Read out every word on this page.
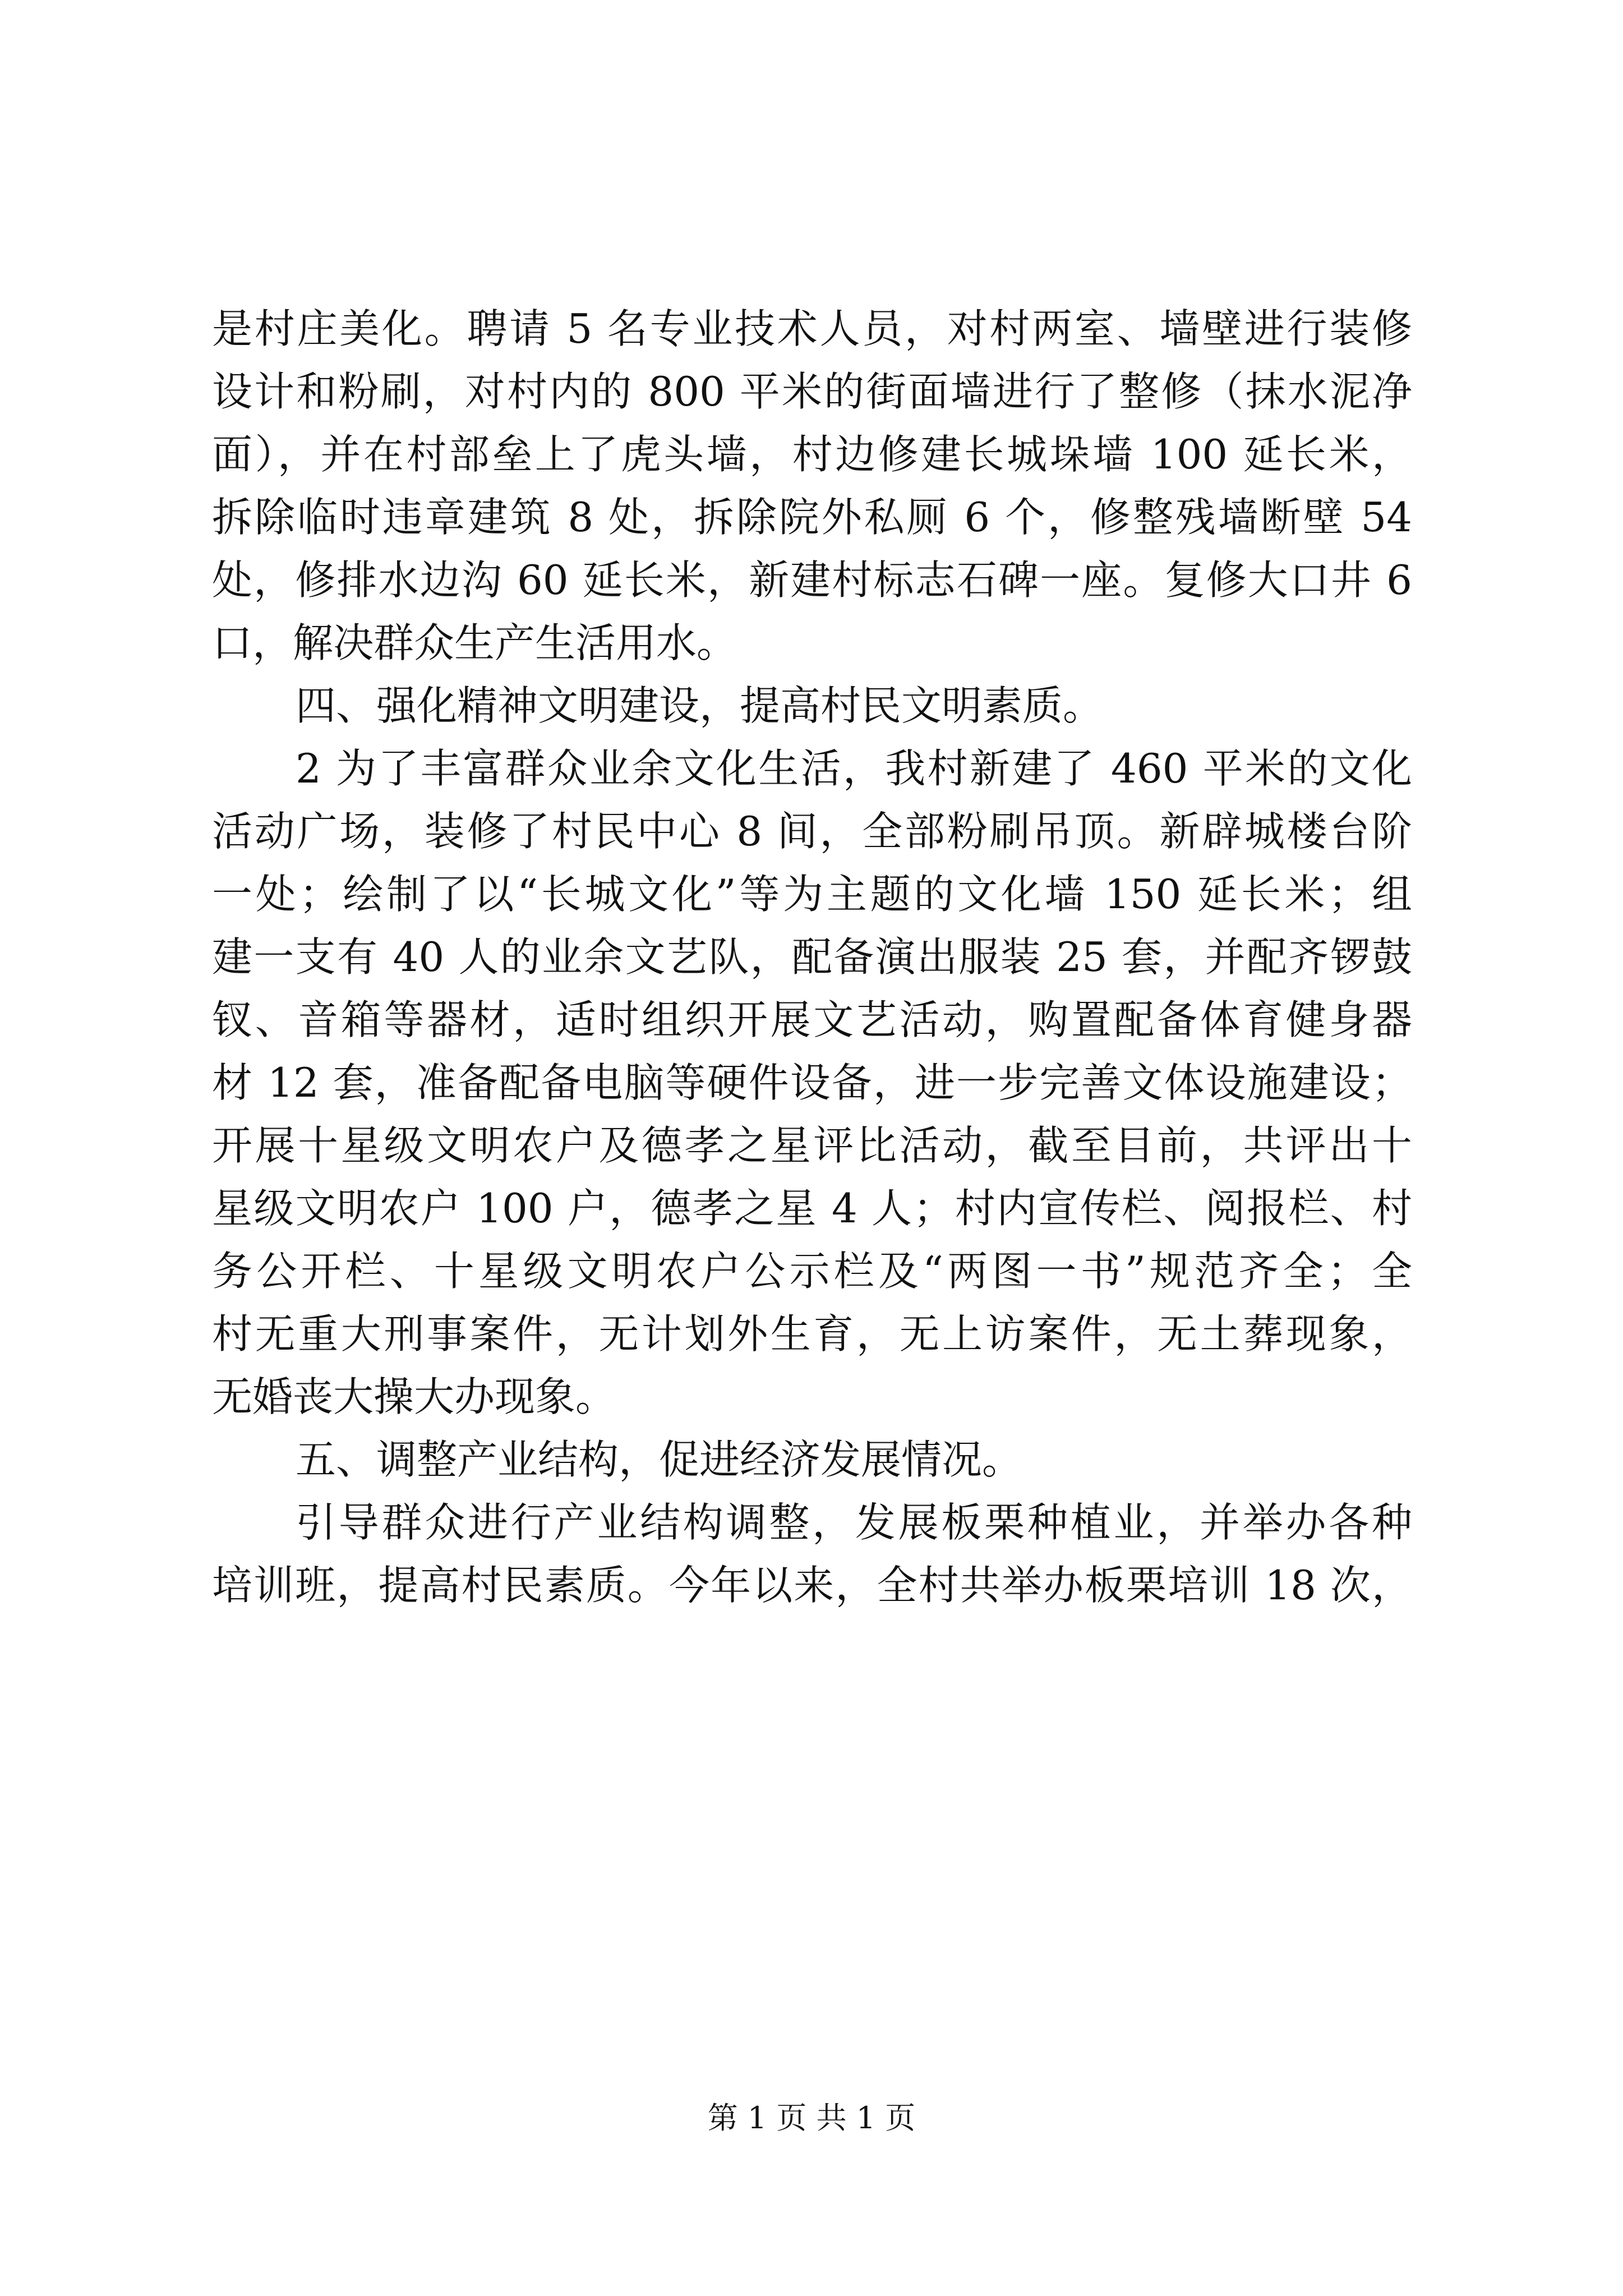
是村庄美化。聘请 5 名专业技术人员，对村两室、墙壁进行装修
设计和粉刷，对村内的 800 平米的街面墙进行了整修（抹水泥净
面），并在村部垒上了虎头墙，村边修建长城垛墙 100 延长米，
拆除临时违章建筑 8 处，拆除院外私厕 6 个，修整残墙断壁 54
处，修排水边沟 60 延长米，新建村标志石碑一座。复修大口井 6
口，解决群众生产生活用水。
四、强化精神文明建设，提高村民文明素质。
2 为了丰富群众业余文化生活，我村新建了 460 平米的文化
活动广场，装修了村民中心 8 间，全部粉刷吊顶。新辟城楼台阶
一处；绘制了以“长城文化”等为主题的文化墙 150 延长米；组
建一支有 40 人的业余文艺队，配备演出服装 25 套，并配齐锣鼓
钗、音箱等器材，适时组织开展文艺活动，购置配备体育健身器
材 12 套，准备配备电脑等硬件设备，进一步完善文体设施建设；
开展十星级文明农户及德孝之星评比活动，截至目前，共评出十
星级文明农户 100 户，德孝之星 4 人；村内宣传栏、阅报栏、村
务公开栏、十星级文明农户公示栏及“两图一书”规范齐全；全
村无重大刑事案件，无计划外生育，无上访案件，无土葬现象，
无婚丧大操大办现象。
五、调整产业结构，促进经济发展情况。
引导群众进行产业结构调整，发展板栗种植业，并举办各种
培训班，提高村民素质。今年以来，全村共举办板栗培训 18 次，
第 1 页 共 1 页
